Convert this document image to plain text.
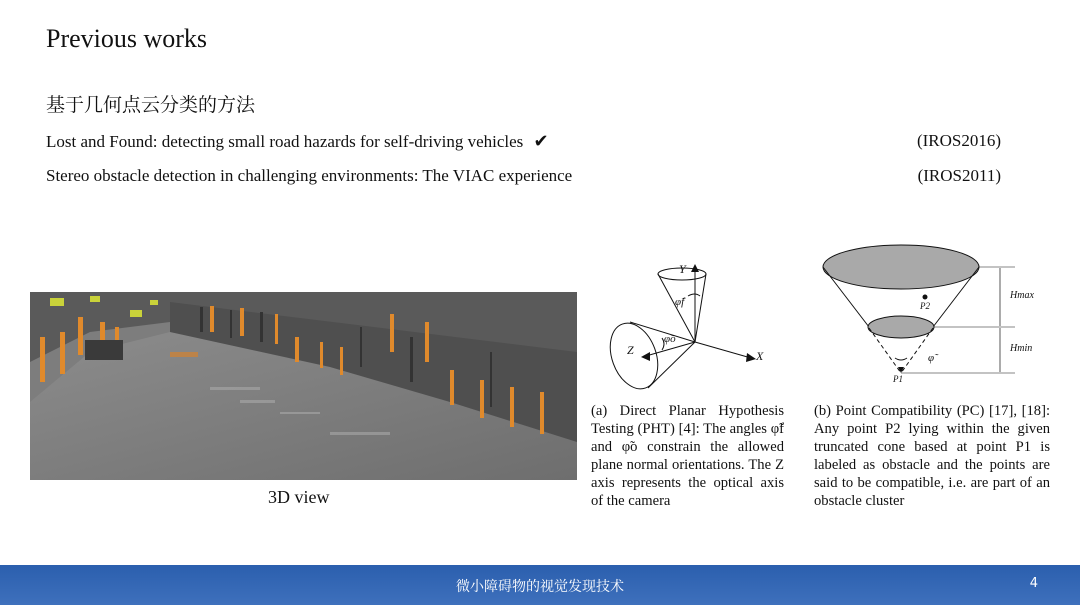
Previous works
基于几何点云分类的方法
Lost and Found: detecting small road hazards for self-driving vehicles ✔	(IROS2016)
Stereo obstacle detection in challenging environments: The VIAC experience	(IROS2011)
3D view
Y
φ̃f
φ̃o
Z	X
P2
Hmax
Hmin
φ̃
P1
(a) Direct Planar Hypothesis Testing (PHT) [4]: The angles φ̃f and φ̃o constrain the allowed plane normal orientations. The Z axis represents the optical axis of the camera
(b) Point Compatibility (PC) [17], [18]: Any point P2 lying within the given truncated cone based at point P1 is labeled as obstacle and the points are said to be compatible, i.e. are part of an obstacle cluster
微小障碍物的视觉发现技术	4
